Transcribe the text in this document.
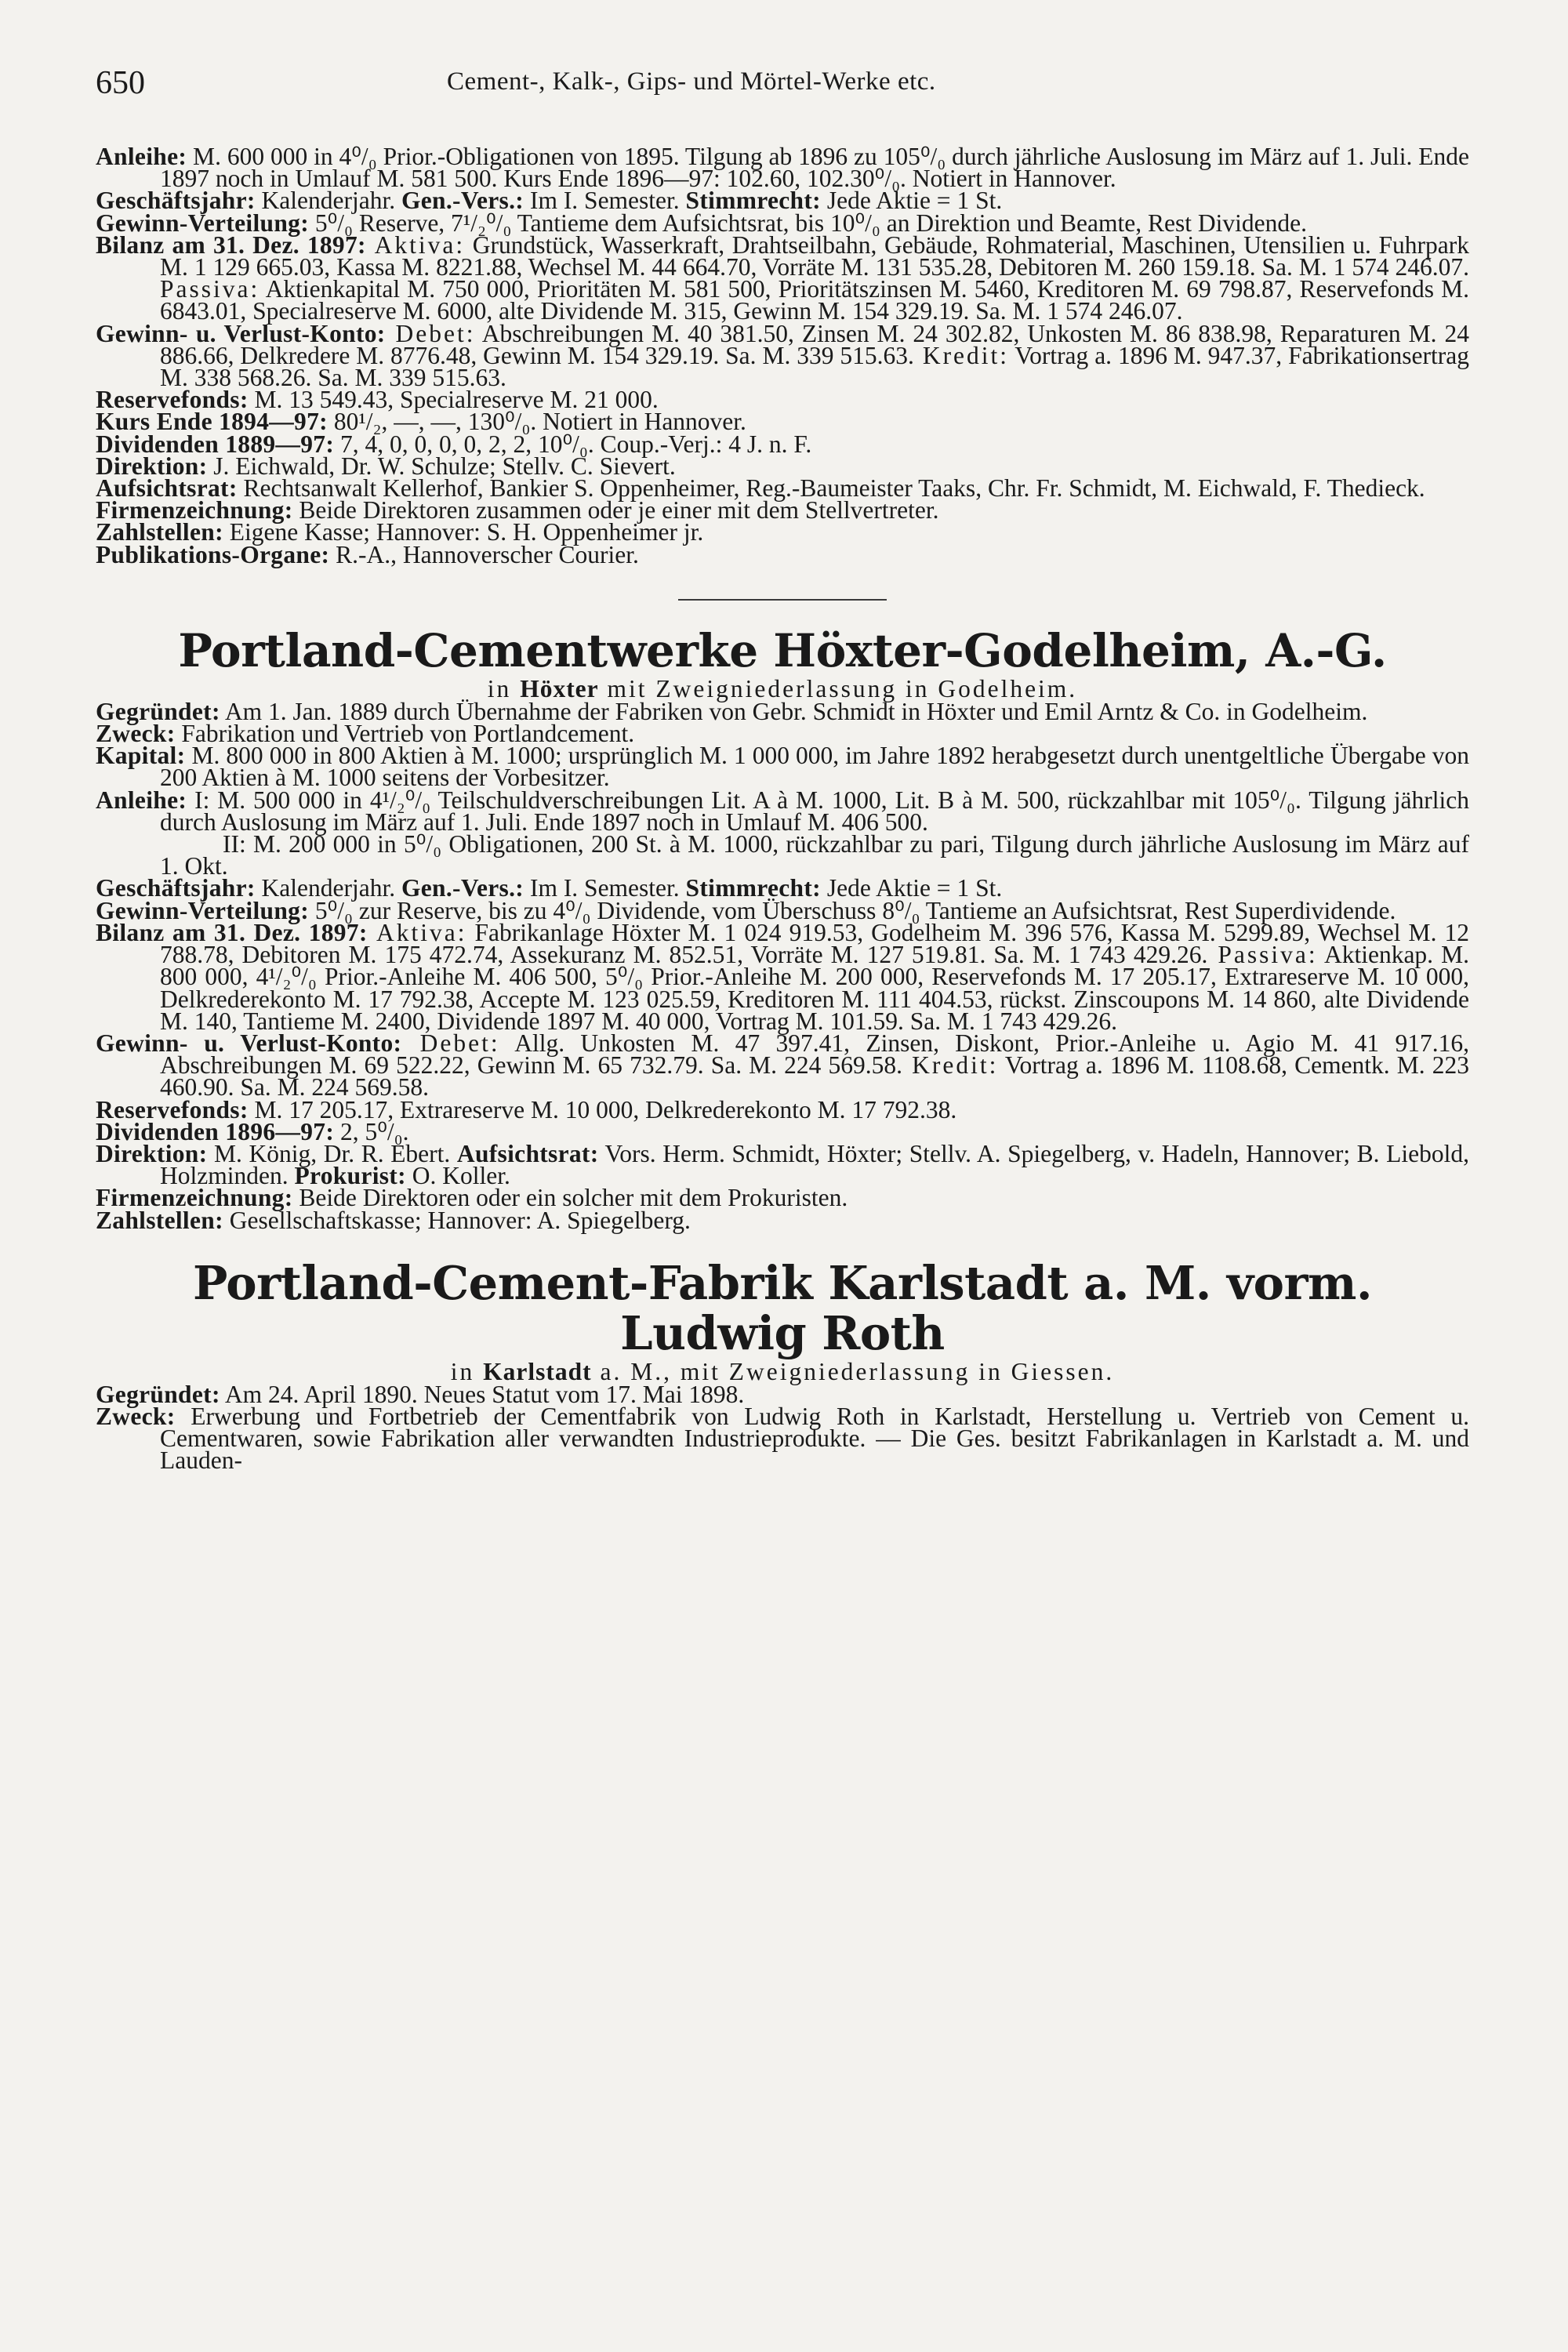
650	Cement-, Kalk-, Gips- und Mörtel-Werke etc.

Anleihe: M. 600 000 in 4⁰/₀ Prior.-Obligationen von 1895. Tilgung ab 1896 zu 105⁰/₀ durch jährliche Auslosung im März auf 1. Juli. Ende 1897 noch in Umlauf M. 581 500. Kurs Ende 1896—97: 102.60, 102.30⁰/₀. Notiert in Hannover.

Geschäftsjahr: Kalenderjahr. Gen.-Vers.: Im I. Semester. Stimmrecht: Jede Aktie = 1 St.

Gewinn-Verteilung: 5⁰/₀ Reserve, 7¹/₂⁰/₀ Tantieme dem Aufsichtsrat, bis 10⁰/₀ an Direktion und Beamte, Rest Dividende.

Bilanz am 31. Dez. 1897: Aktiva: Grundstück, Wasserkraft, Drahtseilbahn, Gebäude, Rohmaterial, Maschinen, Utensilien u. Fuhrpark M. 1 129 665.03, Kassa M. 8221.88, Wechsel M. 44 664.70, Vorräte M. 131 535.28, Debitoren M. 260 159.18. Sa. M. 1 574 246.07. Passiva: Aktienkapital M. 750 000, Prioritäten M. 581 500, Prioritätszinsen M. 5460, Kreditoren M. 69 798.87, Reservefonds M. 6843.01, Specialreserve M. 6000, alte Dividende M. 315, Gewinn M. 154 329.19. Sa. M. 1 574 246.07.

Gewinn- u. Verlust-Konto: Debet: Abschreibungen M. 40 381.50, Zinsen M. 24 302.82, Unkosten M. 86 838.98, Reparaturen M. 24 886.66, Delkredere M. 8776.48, Gewinn M. 154 329.19. Sa. M. 339 515.63. Kredit: Vortrag a. 1896 M. 947.37, Fabrikationsertrag M. 338 568.26. Sa. M. 339 515.63.

Reservefonds: M. 13 549.43, Specialreserve M. 21 000.

Kurs Ende 1894—97: 80¹/₂, —, —, 130⁰/₀. Notiert in Hannover.

Dividenden 1889—97: 7, 4, 0, 0, 0, 0, 2, 2, 10⁰/₀. Coup.-Verj.: 4 J. n. F.

Direktion: J. Eichwald, Dr. W. Schulze; Stellv. C. Sievert.

Aufsichtsrat: Rechtsanwalt Kellerhof, Bankier S. Oppenheimer, Reg.-Baumeister Taaks, Chr. Fr. Schmidt, M. Eichwald, F. Thedieck.

Firmenzeichnung: Beide Direktoren zusammen oder je einer mit dem Stellvertreter.

Zahlstellen: Eigene Kasse; Hannover: S. H. Oppenheimer jr.

Publikations-Organe: R.-A., Hannoverscher Courier.

Portland-Cementwerke Höxter-Godelheim, A.-G.

in Höxter mit Zweigniederlassung in Godelheim.

Gegründet: Am 1. Jan. 1889 durch Übernahme der Fabriken von Gebr. Schmidt in Höxter und Emil Arntz & Co. in Godelheim.

Zweck: Fabrikation und Vertrieb von Portlandcement.

Kapital: M. 800 000 in 800 Aktien à M. 1000; ursprünglich M. 1 000 000, im Jahre 1892 herabgesetzt durch unentgeltliche Übergabe von 200 Aktien à M. 1000 seitens der Vorbesitzer.

Anleihe: I: M. 500 000 in 4¹/₂⁰/₀ Teilschuldverschreibungen Lit. A à M. 1000, Lit. B à M. 500, rückzahlbar mit 105⁰/₀. Tilgung jährlich durch Auslosung im März auf 1. Juli. Ende 1897 noch in Umlauf M. 406 500.

II: M. 200 000 in 5⁰/₀ Obligationen, 200 St. à M. 1000, rückzahlbar zu pari, Tilgung durch jährliche Auslosung im März auf 1. Okt.

Geschäftsjahr: Kalenderjahr. Gen.-Vers.: Im I. Semester. Stimmrecht: Jede Aktie = 1 St.

Gewinn-Verteilung: 5⁰/₀ zur Reserve, bis zu 4⁰/₀ Dividende, vom Überschuss 8⁰/₀ Tantieme an Aufsichtsrat, Rest Superdividende.

Bilanz am 31. Dez. 1897: Aktiva: Fabrikanlage Höxter M. 1 024 919.53, Godelheim M. 396 576, Kassa M. 5299.89, Wechsel M. 12 788.78, Debitoren M. 175 472.74, Assekuranz M. 852.51, Vorräte M. 127 519.81. Sa. M. 1 743 429.26. Passiva: Aktienkap. M. 800 000, 4¹/₂⁰/₀ Prior.-Anleihe M. 406 500, 5⁰/₀ Prior.-Anleihe M. 200 000, Reservefonds M. 17 205.17, Extrareserve M. 10 000, Delkrederekonto M. 17 792.38, Accepte M. 123 025.59, Kreditoren M. 111 404.53, rückst. Zinscoupons M. 14 860, alte Dividende M. 140, Tantieme M. 2400, Dividende 1897 M. 40 000, Vortrag M. 101.59. Sa. M. 1 743 429.26.

Gewinn- u. Verlust-Konto: Debet: Allg. Unkosten M. 47 397.41, Zinsen, Diskont, Prior.-Anleihe u. Agio M. 41 917.16, Abschreibungen M. 69 522.22, Gewinn M. 65 732.79. Sa. M. 224 569.58. Kredit: Vortrag a. 1896 M. 1108.68, Cementk. M. 223 460.90. Sa. M. 224 569.58.

Reservefonds: M. 17 205.17, Extrareserve M. 10 000, Delkrederekonto M. 17 792.38.

Dividenden 1896—97: 2, 5⁰/₀.

Direktion: M. König, Dr. R. Ebert. Aufsichtsrat: Vors. Herm. Schmidt, Höxter; Stellv. A. Spiegelberg, v. Hadeln, Hannover; B. Liebold, Holzminden. Prokurist: O. Koller.

Firmenzeichnung: Beide Direktoren oder ein solcher mit dem Prokuristen.

Zahlstellen: Gesellschaftskasse; Hannover: A. Spiegelberg.

Portland-Cement-Fabrik Karlstadt a. M. vorm. Ludwig Roth

in Karlstadt a. M., mit Zweigniederlassung in Giessen.

Gegründet: Am 24. April 1890. Neues Statut vom 17. Mai 1898.

Zweck: Erwerbung und Fortbetrieb der Cementfabrik von Ludwig Roth in Karlstadt, Herstellung u. Vertrieb von Cement u. Cementwaren, sowie Fabrikation aller verwandten Industrieprodukte. — Die Ges. besitzt Fabrikanlagen in Karlstadt a. M. und Lauden-
